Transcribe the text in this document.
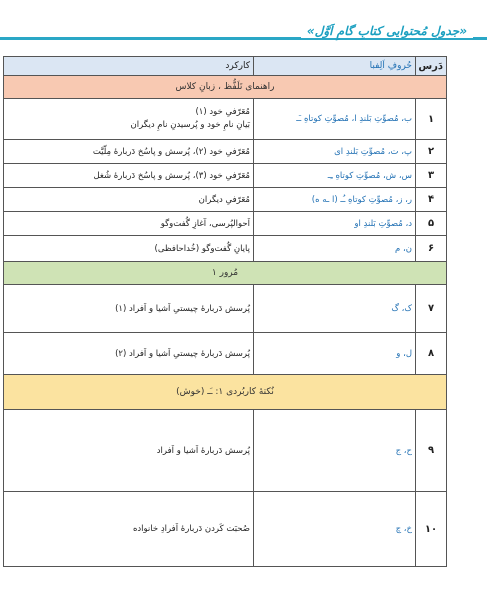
«جدولِ مُحتوایی کتابِ گامِ اَوَّل»
دَرس	حُروفِ اَلِفبا	کارکرد
راهنمای تَلَفُّظ ، زبانِ کلاس		
۱	ب، مُصوِّتِ بَلندِ ا، مُصوِّتِ کوتاهِ ـَـ	مُعَرّفیِ خود (۱)
بَیانِ نامِ خود و پُرسیدنِ نامِ دیگران

۲	پ، ت، مُصوِّتِ بَلندِ ای	مُعَرّفیِ خود (۲)، پُرسش و پاسُخ دَربارهٔ مِلّیَّت
۳	س، ش، مُصوِّتِ کوتاهِ ـِـ	مُعَرّفیِ خود (۳)، پُرسش و پاسُخ دَربارهٔ شُغل
۴	ر، ز، مُصوِّتِ کوتاهِ ـُـ (ا ـه ه)	مُعَرّفیِ دیگران
۵	د، مُصوِّتِ بَلندِ او	اَحوالپُرسی، آغازِ گُفت‌وگو
۶	ن، م	پایانِ گُفت‌وگو (خُداحافظی)
مُرور ۱		
۷	ک، گ	پُرسش دَربارهٔ چیستیِ اَشیا و اَفراد (۱)
۸	ل، و	پُرسش دَربارهٔ چیستیِ اَشیا و اَفراد (۲)
نُکتهٔ کاربُردی ۱: ـَـ (خوش)		
۹	ح، ج	پُرسش دَربارهٔ اَشیا و اَفراد
۱۰	خ، چ	صُحبَت کَردن دَربارهٔ اَفرادِ خانواده
